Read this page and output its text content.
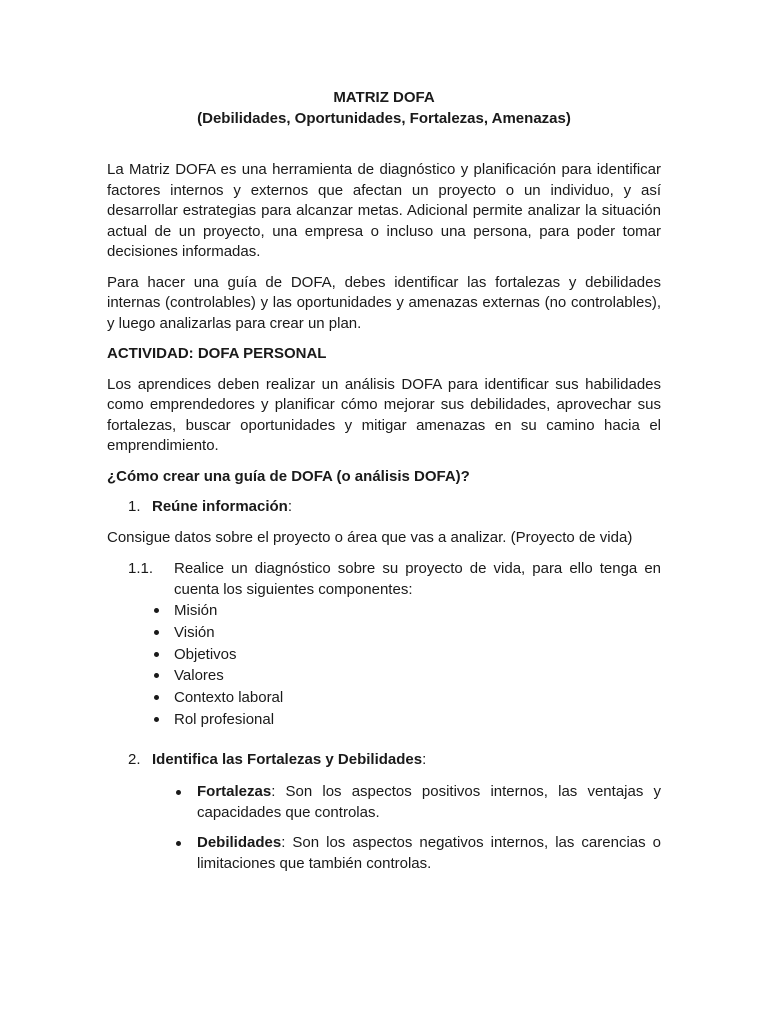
MATRIZ DOFA

(Debilidades, Oportunidades, Fortalezas, Amenazas)

La Matriz DOFA es una herramienta de diagnóstico y planificación para identificar factores internos y externos que afectan un proyecto o un individuo, y así desarrollar estrategias para alcanzar metas. Adicional permite analizar la situación actual de un proyecto, una empresa o incluso una persona, para poder tomar decisiones informadas.

Para hacer una guía de DOFA, debes identificar las fortalezas y debilidades internas (controlables) y las oportunidades y amenazas externas (no controlables), y luego analizarlas para crear un plan.

ACTIVIDAD: DOFA PERSONAL

Los aprendices deben realizar un análisis DOFA para identificar sus habilidades como emprendedores y planificar cómo mejorar sus debilidades, aprovechar sus fortalezas, buscar oportunidades y mitigar amenazas en su camino hacia el emprendimiento.

¿Cómo crear una guía de DOFA (o análisis DOFA)?

1. Reúne información:

Consigue datos sobre el proyecto o área que vas a analizar. (Proyecto de vida)

1.1.	Realice un diagnóstico sobre su proyecto de vida, para ello tenga en cuenta los siguientes componentes:
Misión
Visión
Objetivos
Valores
Contexto laboral
Rol profesional
2. Identifica las Fortalezas y Debilidades:

Fortalezas: Son los aspectos positivos internos, las ventajas y capacidades que controlas.

Debilidades: Son los aspectos negativos internos, las carencias o limitaciones que también controlas.
